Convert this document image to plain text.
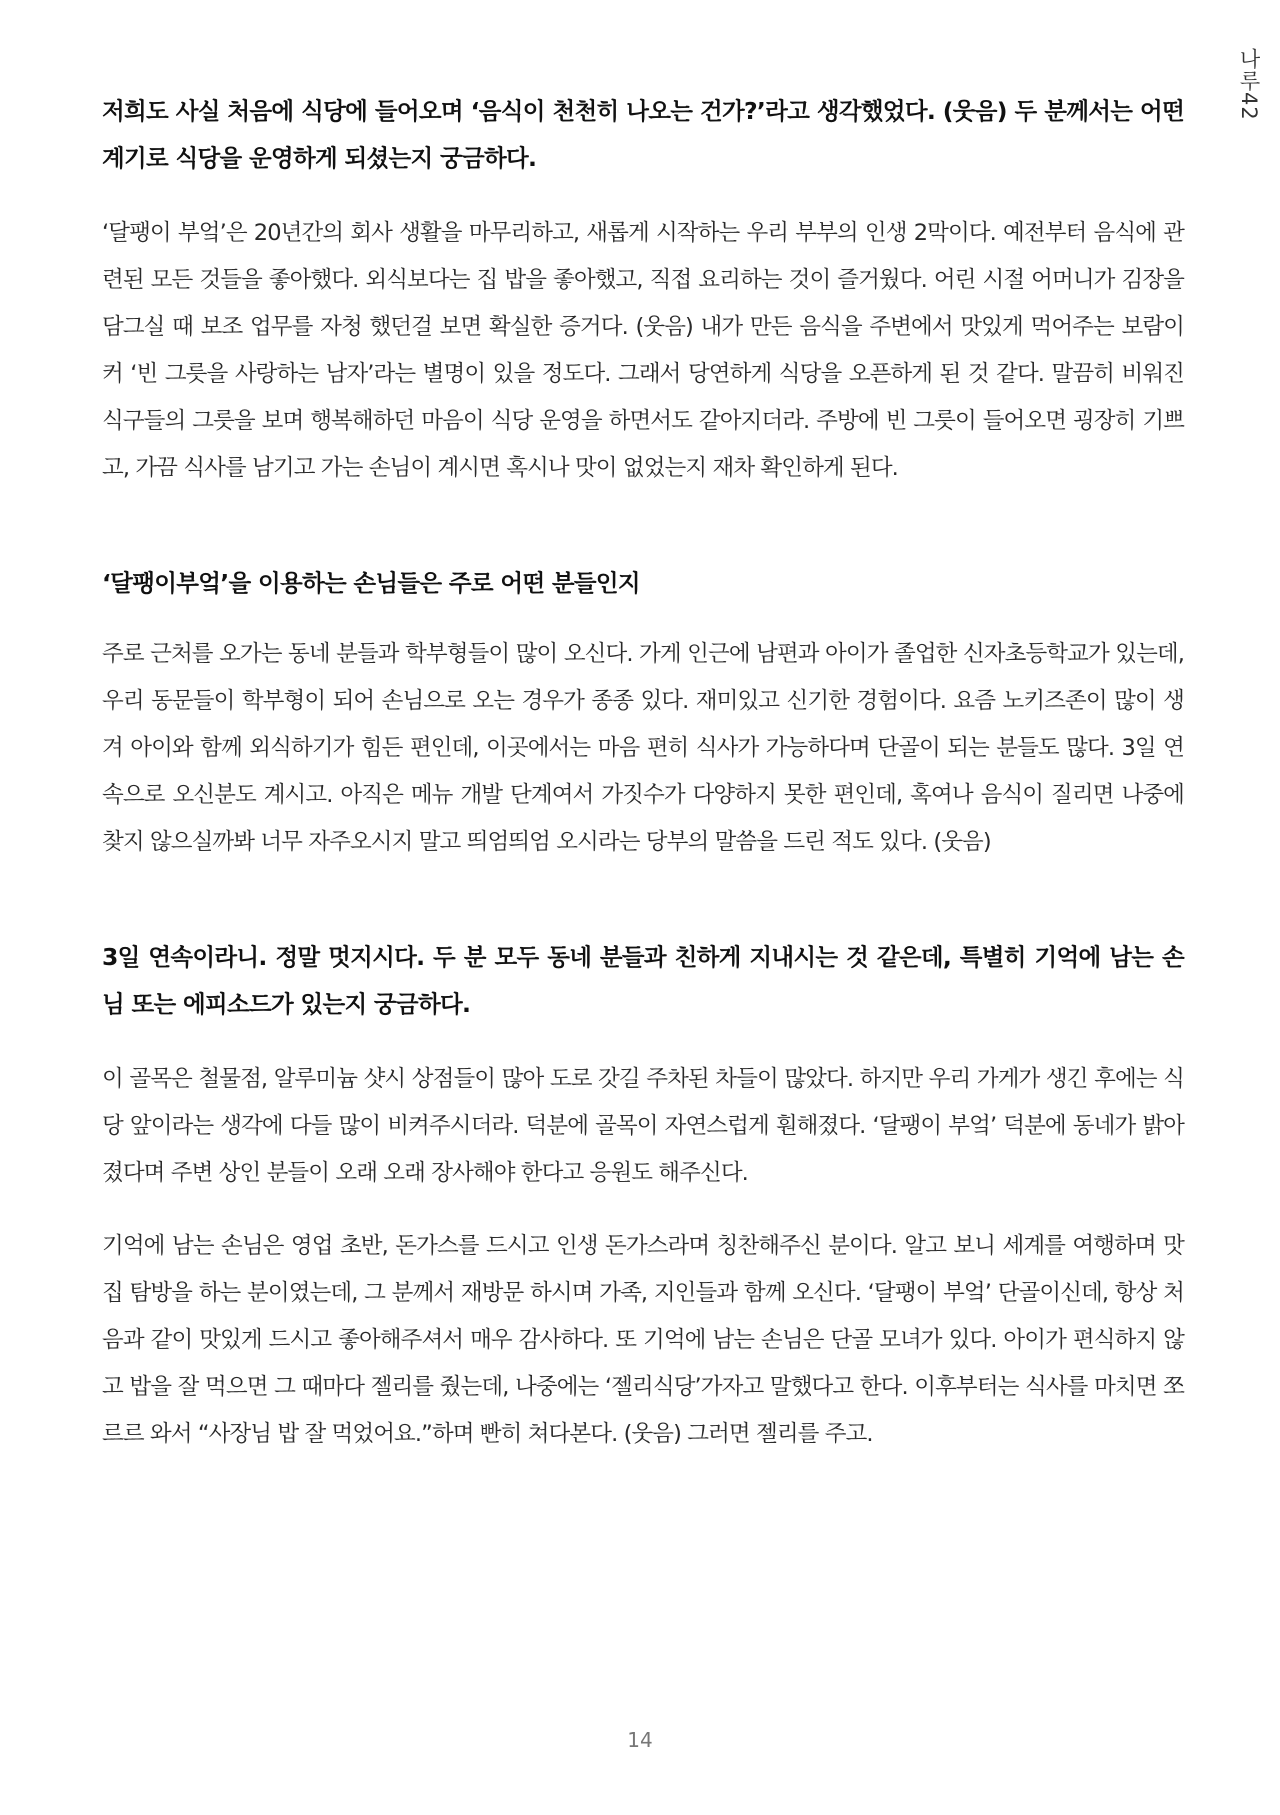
나루42

저희도 사실 처음에 식당에 들어오며 ‘음식이 천천히 나오는 건가?’라고 생각했었다. (웃음) 두 분께서는 어떤 계기로 식당을 운영하게 되셨는지 궁금하다.

‘달팽이 부엌’은 20년간의 회사 생활을 마무리하고, 새롭게 시작하는 우리 부부의 인생 2막이다. 예전부터 음식에 관련된 모든 것들을 좋아했다. 외식보다는 집 밥을 좋아했고, 직접 요리하는 것이 즐거웠다. 어린 시절 어머니가 김장을 담그실 때 보조 업무를 자청 했던걸 보면 확실한 증거다. (웃음) 내가 만든 음식을 주변에서 맛있게 먹어주는 보람이 커 ‘빈 그릇을 사랑하는 남자’라는 별명이 있을 정도다. 그래서 당연하게 식당을 오픈하게 된 것 같다. 말끔히 비워진 식구들의 그릇을 보며 행복해하던 마음이 식당 운영을 하면서도 같아지더라. 주방에 빈 그릇이 들어오면 굉장히 기쁘고, 가끔 식사를 남기고 가는 손님이 계시면 혹시나 맛이 없었는지 재차 확인하게 된다.

‘달팽이부엌’을 이용하는 손님들은 주로 어떤 분들인지

주로 근처를 오가는 동네 분들과 학부형들이 많이 오신다. 가게 인근에 남편과 아이가 졸업한 신자초등학교가 있는데, 우리 동문들이 학부형이 되어 손님으로 오는 경우가 종종 있다. 재미있고 신기한 경험이다. 요즘 노키즈존이 많이 생겨 아이와 함께 외식하기가 힘든 편인데, 이곳에서는 마음 편히 식사가 가능하다며 단골이 되는 분들도 많다. 3일 연속으로 오신분도 계시고. 아직은 메뉴 개발 단계여서 가짓수가 다양하지 못한 편인데, 혹여나 음식이 질리면 나중에 찾지 않으실까봐 너무 자주오시지 말고 띄엄띄엄 오시라는 당부의 말씀을 드린 적도 있다. (웃음)

3일 연속이라니. 정말 멋지시다. 두 분 모두 동네 분들과 친하게 지내시는 것 같은데, 특별히 기억에 남는 손님 또는 에피소드가 있는지 궁금하다.

이 골목은 철물점, 알루미늄 샷시 상점들이 많아 도로 갓길 주차된 차들이 많았다. 하지만 우리 가게가 생긴 후에는 식당 앞이라는 생각에 다들 많이 비켜주시더라. 덕분에 골목이 자연스럽게 훤해졌다. ‘달팽이 부엌’ 덕분에 동네가 밝아졌다며 주변 상인 분들이 오래 오래 장사해야 한다고 응원도 해주신다.

기억에 남는 손님은 영업 초반, 돈가스를 드시고 인생 돈가스라며 칭찬해주신 분이다. 알고 보니 세계를 여행하며 맛집 탐방을 하는 분이였는데, 그 분께서 재방문 하시며 가족, 지인들과 함께 오신다. ‘달팽이 부엌’ 단골이신데, 항상 처음과 같이 맛있게 드시고 좋아해주셔서 매우 감사하다. 또 기억에 남는 손님은 단골 모녀가 있다. 아이가 편식하지 않고 밥을 잘 먹으면 그 때마다 젤리를 줬는데, 나중에는 ‘젤리식당’가자고 말했다고 한다. 이후부터는 식사를 마치면 쪼르르 와서 “사장님 밥 잘 먹었어요.”하며 빤히 쳐다본다. (웃음) 그러면 젤리를 주고.

14
